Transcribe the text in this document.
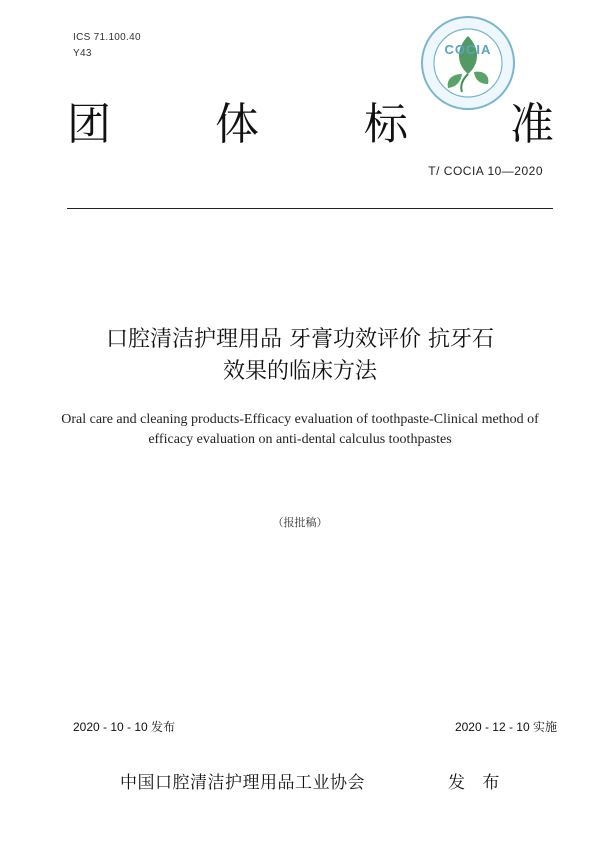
ICS 71.100.40
Y43	COCIA
团 体 标 准
T/ COCIA 10—2020
口腔清洁护理用品 牙膏功效评价 抗牙石
效果的临床方法
Oral care and cleaning products-Efficacy evaluation of toothpaste-Clinical method of
efficacy evaluation on anti-dental calculus toothpastes
（报批稿）
2020 - 10 - 10 发布	2020 - 12 - 10 实施
中国口腔清洁护理用品工业协会	发 布
